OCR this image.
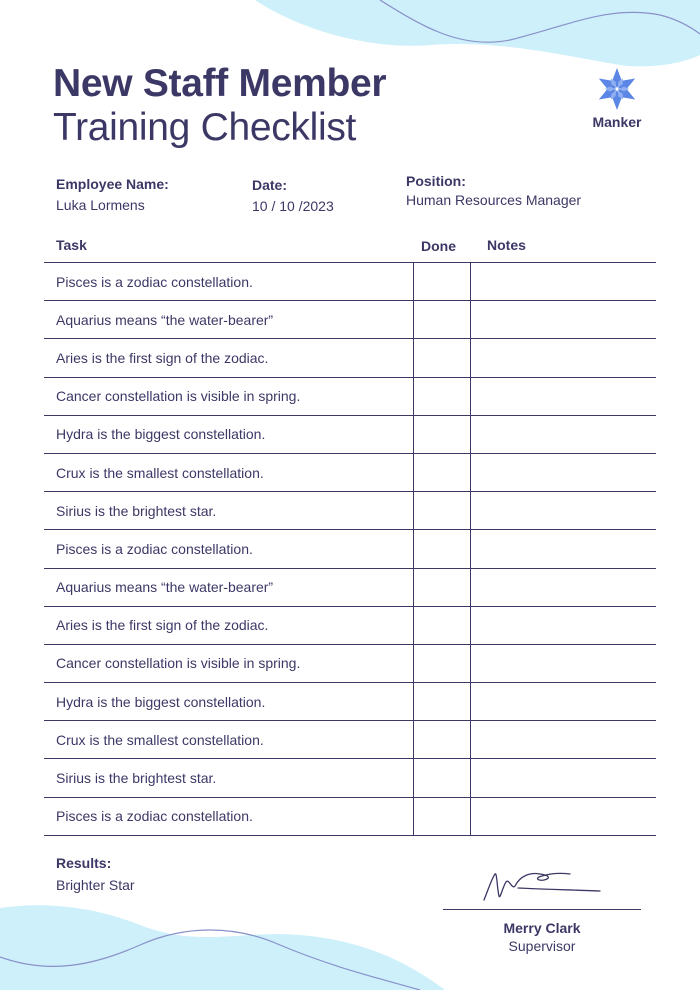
New Staff Member
Training Checklist	Manker
Employee Name:
Luka Lormens
Date:
10 / 10 /2023
Position:
Human Resources Manager
Task	Done Notes
Pisces is a zodiac constellation.
Aquarius means “the water-bearer”
Aries is the first sign of the zodiac.
Cancer constellation is visible in spring.
Hydra is the biggest constellation.
Crux is the smallest constellation.
Sirius is the brightest star.
Pisces is a zodiac constellation.
Aquarius means “the water-bearer”
Aries is the first sign of the zodiac.
Cancer constellation is visible in spring.
Hydra is the biggest constellation.
Crux is the smallest constellation.
Sirius is the brightest star.
Pisces is a zodiac constellation.
Results:
Brighter Star
Merry Clark
Supervisor
